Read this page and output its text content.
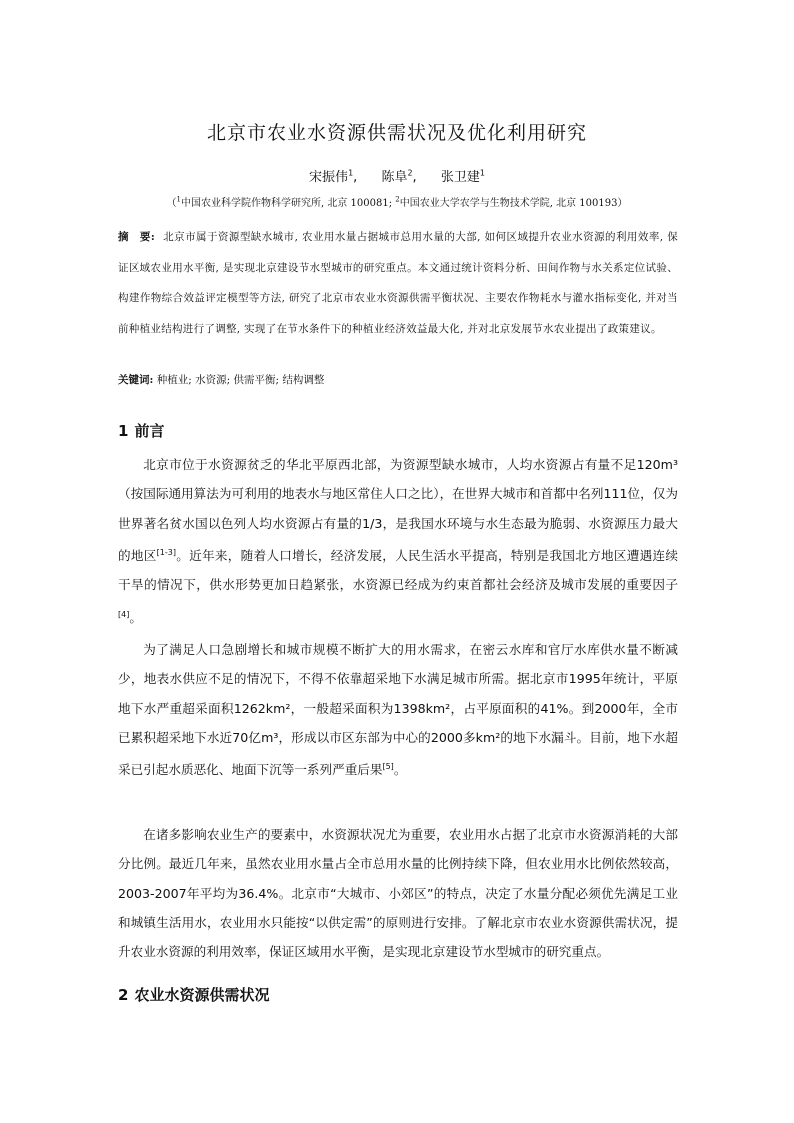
北京市农业水资源供需状况及优化利用研究
宋振伟$^1$, 陈阜$^2$, 张卫建$^1$
（$^1$中国农业科学院作物科学研究所, 北京 100081; $^2$中国农业大学农学与生物技术学院, 北京 100193）
摘　要: 北京市属于资源型缺水城市, 农业用水量占据城市总用水量的大部, 如何区域提升农业水资源的利用效率, 保证区域农业用水平衡, 是实现北京建设节水型城市的研究重点。本文通过统计资料分析、田间作物与水关系定位试验、构建作物综合效益评定模型等方法, 研究了北京市农业水资源供需平衡状况、主要农作物耗水与灌水指标变化, 并对当前种植业结构进行了调整, 实现了在节水条件下的种植业经济效益最大化, 并对北京发展节水农业提出了政策建议。
关键词: 种植业; 水资源; 供需平衡; 结构调整
1 前言
北京市位于水资源贫乏的华北平原西北部，为资源型缺水城市，人均水资源占有量不足120m³（按国际通用算法为可利用的地表水与地区常住人口之比），在世界大城市和首都中名列111位，仅为世界著名贫水国以色列人均水资源占有量的1/3，是我国水环境与水生态最为脆弱、水资源压力最大的地区[1-3]。近年来，随着人口增长，经济发展，人民生活水平提高，特别是我国北方地区遭遇连续干旱的情况下，供水形势更加日趋紧张，水资源已经成为约束首都社会经济及城市发展的重要因子[4]。
为了满足人口急剧增长和城市规模不断扩大的用水需求，在密云水库和官厅水库供水量不断减少，地表水供应不足的情况下，不得不依靠超采地下水满足城市所需。据北京市1995年统计，平原地下水严重超采面积1262km²，一般超采面积为1398km²，占平原面积的41%。到2000年，全市已累积超采地下水近70亿m³，形成以市区东部为中心的2000多km²的地下水漏斗。目前，地下水超采已引起水质恶化、地面下沉等一系列严重后果[5]。
在诸多影响农业生产的要素中，水资源状况尤为重要，农业用水占据了北京市水资源消耗的大部分比例。最近几年来，虽然农业用水量占全市总用水量的比例持续下降，但农业用水比例依然较高，2003-2007年平均为36.4%。北京市“大城市、小郊区”的特点，决定了水量分配必须优先满足工业和城镇生活用水，农业用水只能按“以供定需”的原则进行安排。了解北京市农业水资源供需状况，提升农业水资源的利用效率，保证区域用水平衡，是实现北京建设节水型城市的研究重点。
2 农业水资源供需状况
